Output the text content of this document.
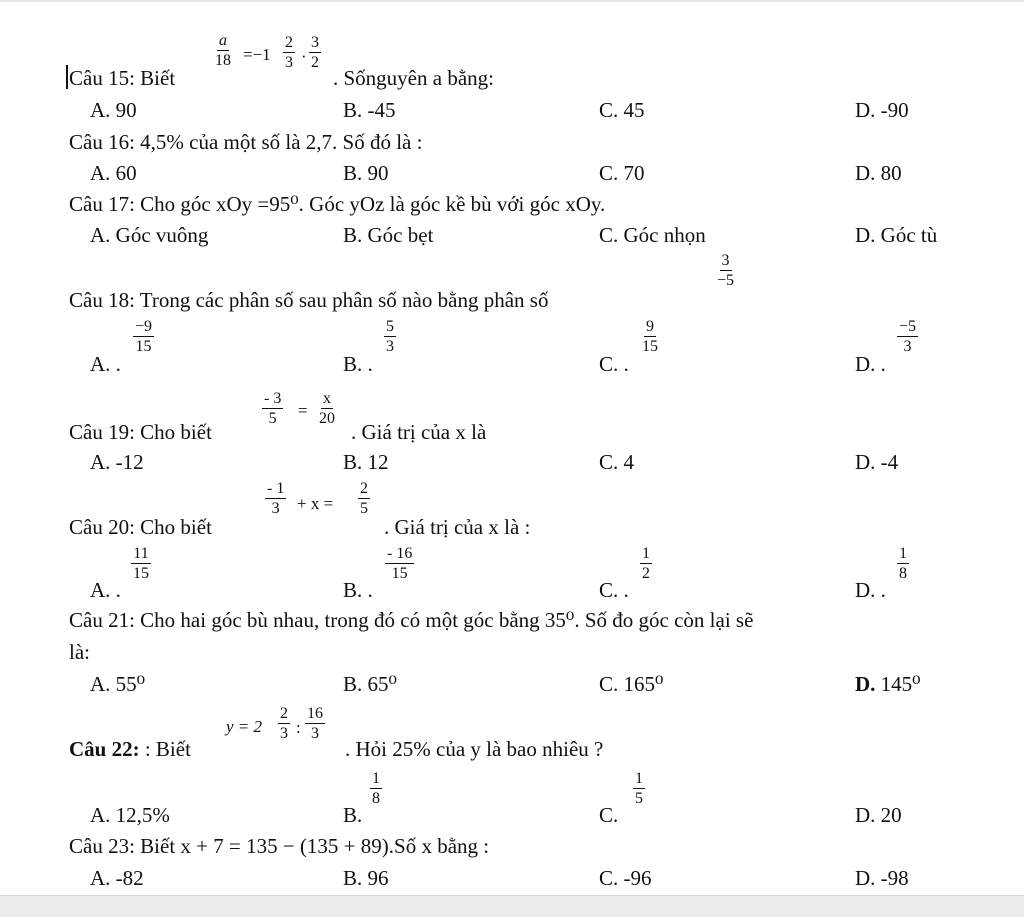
Câu 15: Biết
$\frac{a}{18} =-1 \frac{2}{3} \cdot \frac{3}{2}$
. Sốnguyên a bằng:
A. 90	B. -45	C. 45	D. -90
Câu 16: 4,5% của một số là 2,7. Số đó là :
A. 60	B. 90	C. 70	D. 80
Câu 17: Cho góc xOy =95⁰. Góc yOz là góc kề bù với góc xOy.
A. Góc vuông	B. Góc bẹt	C. Góc nhọn	D. Góc tù
Câu 18: Trong các phân số sau phân số nào bằng phân số
$\frac{3}{-5}$
A. .
$\frac{-9}{15}$
B. .
$\frac{5}{3}$
C. .
$\frac{9}{15}$
D. .
$\frac{-5}{3}$
Câu 19: Cho biết
$\frac{- 3}{5} = \frac{x}{20}$
. Giá trị của x là
A. -12	B. 12	C. 4	D. -4
Câu 20: Cho biết
$\frac{- 1}{3} + x = \frac{2}{5}$
. Giá trị của x là :
A. .
$\frac{11}{15}$
B. .
$\frac{- 16}{15}$
C. .
$\frac{1}{2}$
D. .
$\frac{1}{8}$
Câu 21: Cho hai góc bù nhau, trong đó có một góc bằng 35⁰. Số đo góc còn lại sẽ
là:
A. 55⁰	B. 65⁰	C. 165⁰	D. 145⁰
Câu 22: : Biết
$y = 2 \frac{2}{3}$ : $\frac{16}{3}$
. Hỏi 25% của y là bao nhiêu ?
A. 12,5%	B.
$\frac{1}{8}$
C.
$\frac{1}{5}$
D. 20
Câu 23: Biết x + 7 = 135 − (135 + 89).Số x bằng :
A. -82	B. 96	C. -96	D. -98
